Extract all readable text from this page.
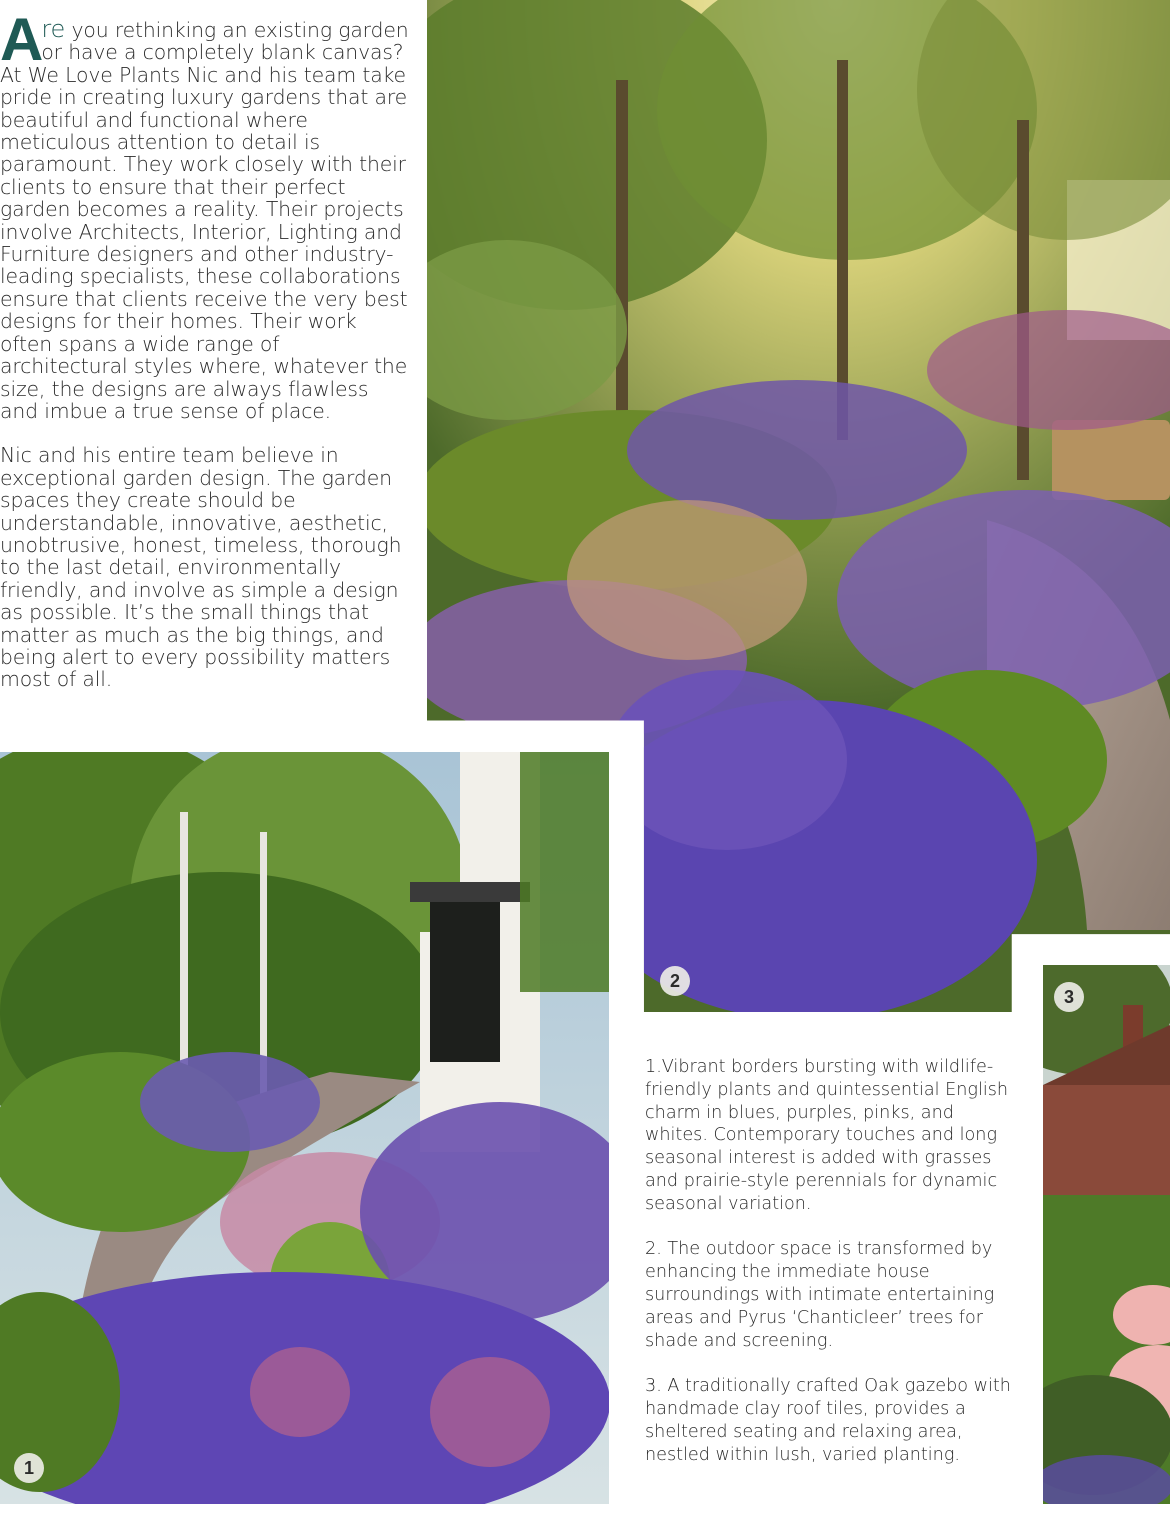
Are you rethinking an existing garden or have a completely blank canvas? At We Love Plants Nic and his team take pride in creating luxury gardens that are beautiful and functional where meticulous attention to detail is paramount. They work closely with their clients to ensure that their perfect garden becomes a reality. Their projects involve Architects, Interior, Lighting and Furniture designers and other industry-leading specialists, these collaborations ensure that clients receive the very best designs for their homes. Their work often spans a wide range of architectural styles where, whatever the size, the designs are always flawless and imbue a true sense of place.

Nic and his entire team believe in exceptional garden design. The garden spaces they create should be understandable, innovative, aesthetic, unobtrusive, honest, timeless, thorough to the last detail, environmentally friendly, and involve as simple a design as possible. It’s the small things that matter as much as the big things, and being alert to every possibility matters most of all.

1
2
3

1.Vibrant borders bursting with wildlife-friendly plants and quintessential English charm in blues, purples, pinks, and whites. Contemporary touches and long seasonal interest is added with grasses and prairie-style perennials for dynamic seasonal variation.

2. The outdoor space is transformed by enhancing the immediate house surroundings with intimate entertaining areas and Pyrus ‘Chanticleer’ trees for shade and screening.

3. A traditionally crafted Oak gazebo with handmade clay roof tiles, provides a sheltered seating and relaxing area, nestled within lush, varied planting.
